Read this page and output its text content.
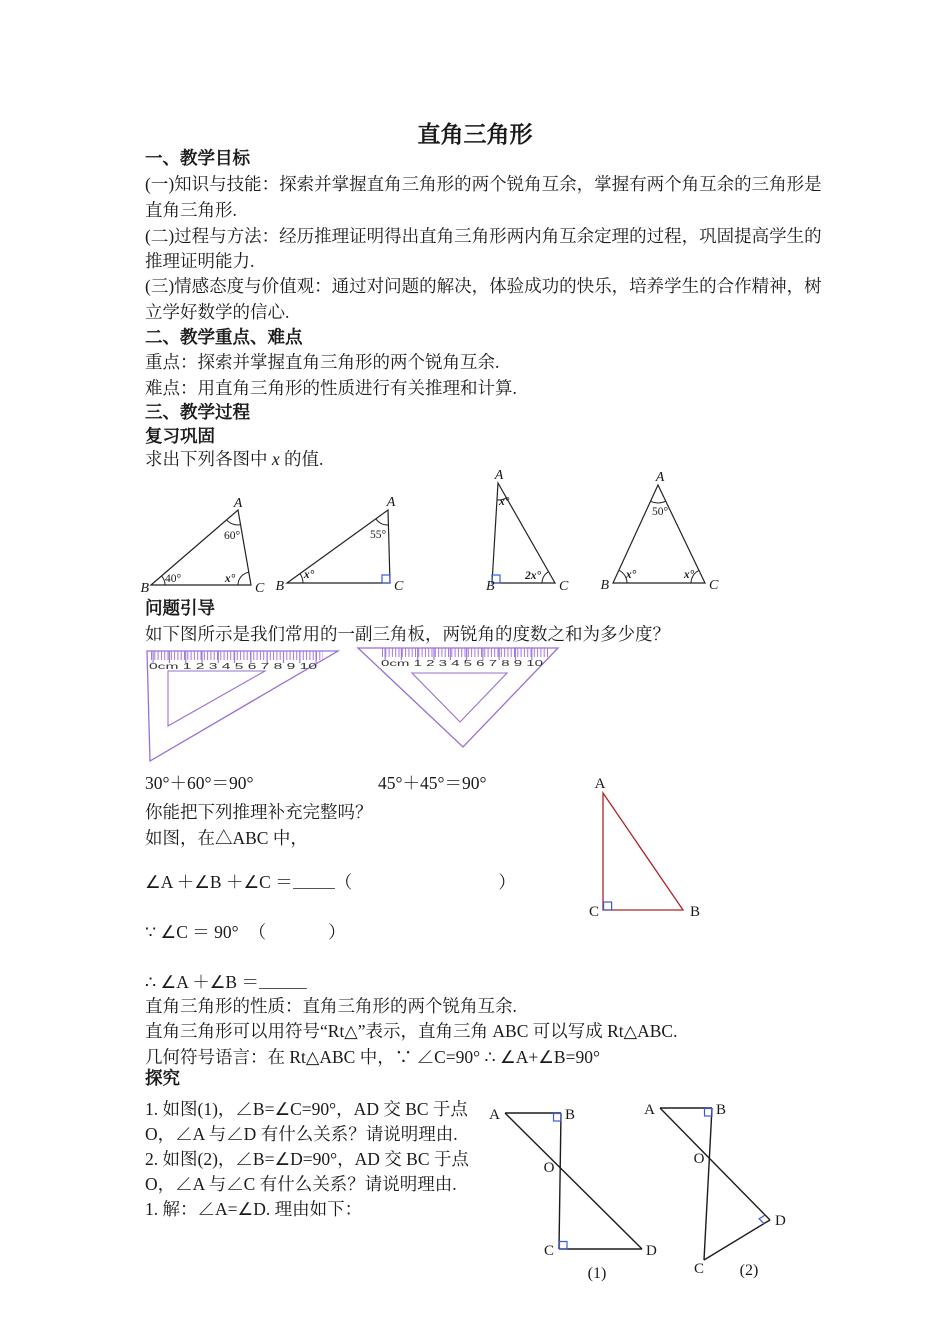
直角三角形
一、教学目标
(一)知识与技能：探索并掌握直角三角形的两个锐角互余，掌握有两个角互余的三角形是
直角三角形.
(二)过程与方法：经历推理证明得出直角三角形两内角互余定理的过程，巩固提高学生的
推理证明能力.
(三)情感态度与价值观：通过对问题的解决，体验成功的快乐，培养学生的合作精神，树
立学好数学的信心.
二、教学重点、难点
重点：探索并掌握直角三角形的两个锐角互余.
难点：用直角三角形的性质进行有关推理和计算.
三、教学过程
复习巩固
求出下列各图中 x 的值.
A
B	C
60°
40°	x°
A
B	C
55°
x°
A
B	C
x°
2x°
A
B	C
50°
x°	x°
问题引导
如下图所示是我们常用的一副三角板，两锐角的度数之和为多少度？
0cm 1 2 3 4 5 6 7 8 9 10	0cm 1 2 3 4 5 6 7 8 9 10
30°＋60°＝90°	45°＋45°＝90°
你能把下列推理补充完整吗？
如图，在△ABC 中，
∠A ＋∠B ＋∠C ＝ （	）
∵ ∠C ＝ 90° （	）
∴ ∠A ＋∠B ＝
直角三角形的性质：直角三角形的两个锐角互余.
直角三角形可以用符号“Rt△”表示，直角三角 ABC 可以写成 Rt△ABC.
几何符号语言：在 Rt△ABC 中，∵ ∠C=90° ∴ ∠A+∠B=90°
A
C	B
探究
1. 如图(1)，∠B=∠C=90°，AD 交 BC 于点
O，∠A 与∠D 有什么关系？请说明理由.
2. 如图(2)，∠B=∠D=90°，AD 交 BC 于点
O，∠A 与∠C 有什么关系？请说明理由.
1. 解：∠A=∠D. 理由如下：
A	B
C	D
O
(1)
A	B
C
D
O
(2)
